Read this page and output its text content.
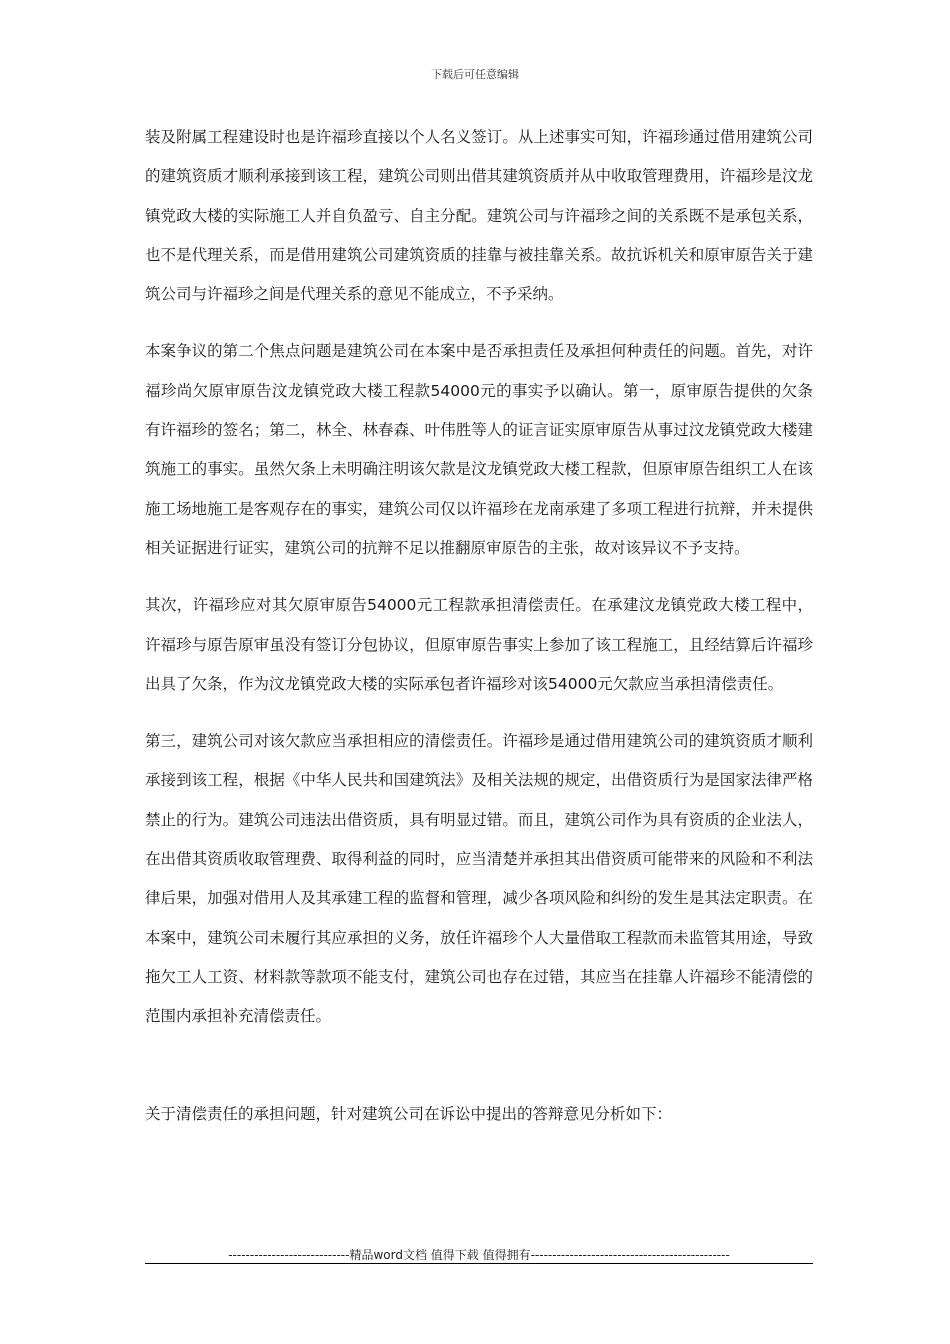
下载后可任意编辑

装及附属工程建设时也是许福珍直接以个人名义签订。从上述事实可知，许福珍通过借用建筑公司的建筑资质才顺利承接到该工程，建筑公司则出借其建筑资质并从中收取管理费用，许福珍是汶龙镇党政大楼的实际施工人并自负盈亏、自主分配。建筑公司与许福珍之间的关系既不是承包关系，也不是代理关系，而是借用建筑公司建筑资质的挂靠与被挂靠关系。故抗诉机关和原审原告关于建筑公司与许福珍之间是代理关系的意见不能成立，不予采纳。

本案争议的第二个焦点问题是建筑公司在本案中是否承担责任及承担何种责任的问题。首先，对许福珍尚欠原审原告汶龙镇党政大楼工程款54000元的事实予以确认。第一，原审原告提供的欠条有许福珍的签名；第二，林全、林春森、叶伟胜等人的证言证实原审原告从事过汶龙镇党政大楼建筑施工的事实。虽然欠条上未明确注明该欠款是汶龙镇党政大楼工程款，但原审原告组织工人在该施工场地施工是客观存在的事实，建筑公司仅以许福珍在龙南承建了多项工程进行抗辩，并未提供相关证据进行证实，建筑公司的抗辩不足以推翻原审原告的主张，故对该异议不予支持。

其次，许福珍应对其欠原审原告54000元工程款承担清偿责任。在承建汶龙镇党政大楼工程中，许福珍与原告原审虽没有签订分包协议，但原审原告事实上参加了该工程施工，且经结算后许福珍出具了欠条，作为汶龙镇党政大楼的实际承包者许福珍对该54000元欠款应当承担清偿责任。

第三，建筑公司对该欠款应当承担相应的清偿责任。许福珍是通过借用建筑公司的建筑资质才顺利承接到该工程，根据《中华人民共和国建筑法》及相关法规的规定，出借资质行为是国家法律严格禁止的行为。建筑公司违法出借资质，具有明显过错。而且，建筑公司作为具有资质的企业法人，在出借其资质收取管理费、取得利益的同时，应当清楚并承担其出借资质可能带来的风险和不利法律后果，加强对借用人及其承建工程的监督和管理，减少各项风险和纠纷的发生是其法定职责。在本案中，建筑公司未履行其应承担的义务，放任许福珍个人大量借取工程款而未监管其用途，导致拖欠工人工资、材料款等款项不能支付，建筑公司也存在过错，其应当在挂靠人许福珍不能清偿的范围内承担补充清偿责任。

关于清偿责任的承担问题，针对建筑公司在诉讼中提出的答辩意见分析如下：

----------------------------精品word文档 值得下载 值得拥有----------------------------------------------
